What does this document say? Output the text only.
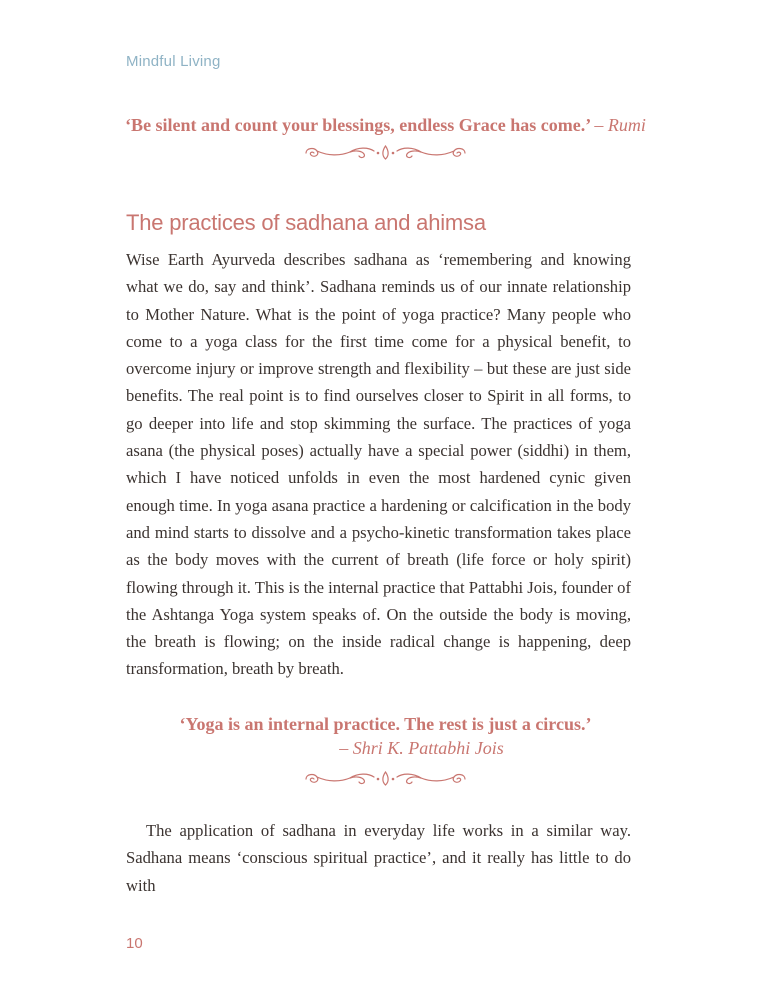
Mindful Living
‘Be silent and count your blessings, endless Grace has come.’ – Rumi
The practices of sadhana and ahimsa

Wise Earth Ayurveda describes sadhana as ‘remembering and knowing what we do, say and think’. Sadhana reminds us of our innate relationship to Mother Nature. What is the point of yoga practice? Many people who come to a yoga class for the first time come for a physical benefit, to overcome injury or improve strength and flexibility – but these are just side benefits. The real point is to find ourselves closer to Spirit in all forms, to go deeper into life and stop skimming the surface. The practices of yoga asana (the physical poses) actually have a special power (siddhi) in them, which I have noticed unfolds in even the most hardened cynic given enough time. In yoga asana practice a hardening or calcification in the body and mind starts to dissolve and a psycho-kinetic transformation takes place as the body moves with the current of breath (life force or holy spirit) flowing through it. This is the internal practice that Pattabhi Jois, founder of the Ashtanga Yoga system speaks of. On the outside the body is moving, the breath is flowing; on the inside radical change is happening, deep transformation, breath by breath.

‘Yoga is an internal practice. The rest is just a circus.’
– Shri K. Pattabhi Jois

The application of sadhana in everyday life works in a similar way. Sadhana means ‘conscious spiritual practice’, and it really has little to do with

10
